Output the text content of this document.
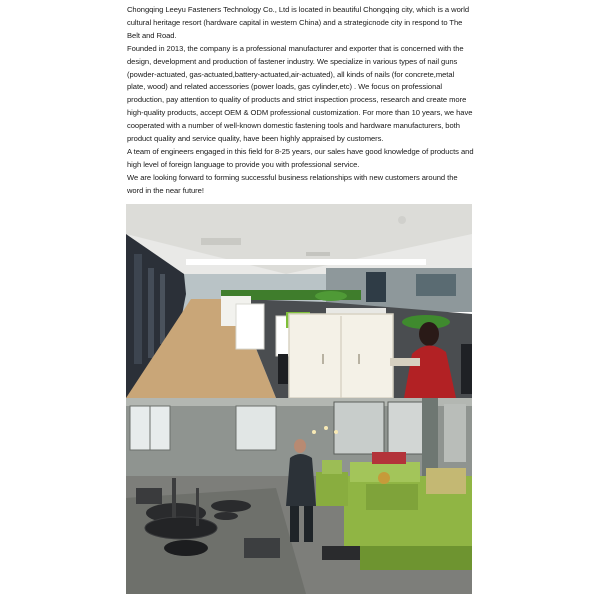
Chongqing Leeyu Fasteners Technology Co., Ltd is located in beautiful Chongqing city, which is a world cultural heritage resort (hardware capital in western China) and a strategicnode city in respond to The Belt and Road.

Founded in 2013, the company is a professional manufacturer and exporter that is concerned with the design, development and production of fastener industry. We specialize in various types of nail guns (powder-actuated, gas-actuated,battery-actuated,air-actuated), all kinds of nails (for concrete,metal plate, wood) and related accessories (power loads, gas cylinder,etc) . We focus on professional production, pay attention to quality of products and strict inspection process, research and create more high-quality products, accept OEM & ODM professional customization. For more than 10 years, we have cooperated with a number of well-known domestic fastening tools and hardware manufacturers, both product quality and service quality, have been highly appraised by customers.

A team of engineers engaged in this field for 8-25 years, our sales have good knowledge of products and high level of foreign language to provide you with professional service.

We are looking forward to forming successful business relationships with new customers around the word in the near future!
